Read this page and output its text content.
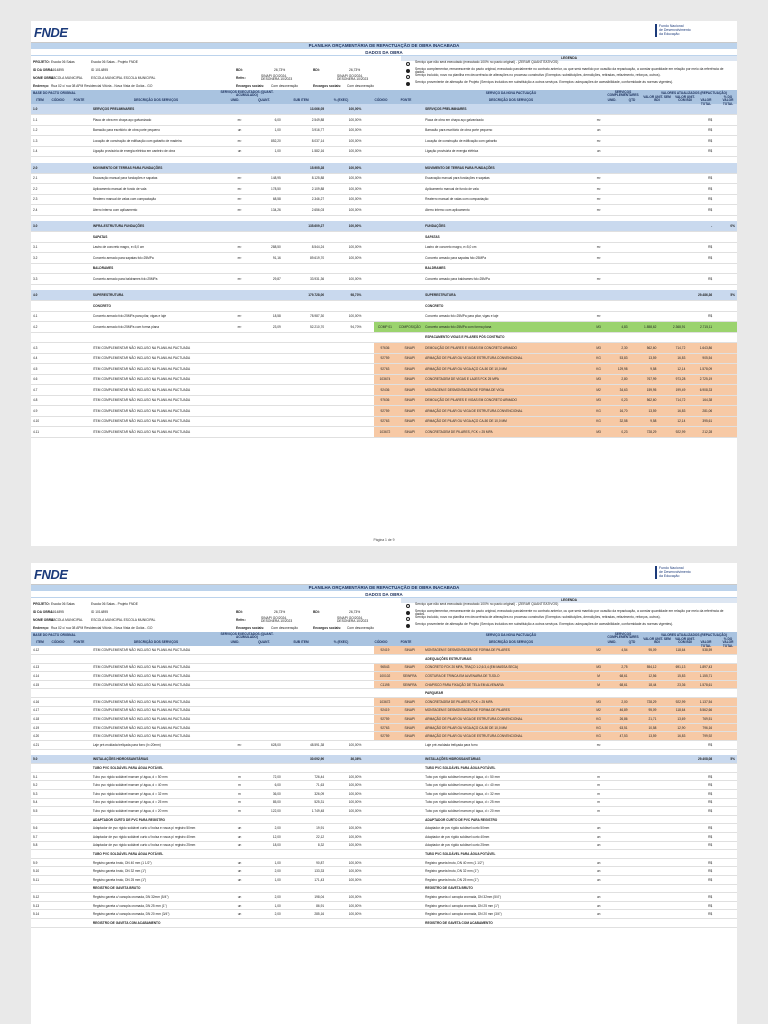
FNDE	Fundo Nacional
de Desenvolvimento
da Educação
PLANILHA ORÇAMENTÁRIA DE REPACTUAÇÃO DE OBRA INACABADA
DADOS DA OBRA
PROJETO: Escola 06 Salas	Escola 06 Salas - Projeto FNDE
ID DA OBRA:
1014895	ID 1014895
NOME OBRA:
ESCOLA MUNICIPAL ESCOLA MUNICIPAL ESCOLA MUNICIPAL
Endereço: Rua 02 c/ rua 08 APM Residencial Vitória - Nova Vista de Goiás - GO
BDI:	26,73%	BDI:	26,73%
Refer.:	SINAPI GO/2024, DESONERA 10/2023
SINAPI GO/2024, DESONERA 10/2023
Encargos sociais: Com desoneração	Encargos sociais: Com desoneração
LEGENDA
Serviço que não será executado (executado 100% no pacto original) - (ZERAR QUANTITATIVOS)
Serviço complementar, remanescente do pacto original, executado parcialmente no contrato anterior, ou que será mantido por ocasião da repactuação, a constar quantidade em relação por meio da referência de dados.
Serviço incluído, novo na planilha em decorrência de alterações no processo construtivo (Exemplos: substituições, demolições, retiradas, refazimento, reforços, outros).
Serviço proveniente de alteração de Projeto (Serviços incluídos em substituição a outros serviços. Exemplos: adequações de acessibilidade, conformidade às normas vigentes).
BASE DO PACTO ORIGINAL	SERVIÇOS EXECUTADOS (QUANT. ACUMULADO)
SERVIÇO DA NOVA PACTUAÇÃO	SERVIÇOS COMPLEMENTARES
VALORES ATUALIZADOS (REPACTUAÇÃO)
ITEM	CÓDIGO	FONTE	DESCRIÇÃO DOS SERVIÇOS	UNID.	QUANT.	SUB ITEM	% (EXEC)	CÓDIGO	FONTE	DESCRIÇÃO DOS SERVIÇOS	UNID.	QTD
VALOR UNIT. SEM BDI
VALOR UNIT. COM BDI	VALOR TOTAL
% DO VALOR TOTAL
1.0			SERVIÇOS PRELIMINARES			13.066,05	100,00%				SERVIÇOS PRELIMINARES						
1.1			Placa de obra em chapa aço galvanizado	m²	6,00	2.549,88	100,00%				Placa de obra em chapa aço galvanizado	m²				R$	
1.2			Barracão para escritório de obra porte pequeno	un	1,00	3.916,77	100,00%				Barracão para escritório de obra porte pequeno	un				R$	
1.3			Locação de construção de edificação com gabarito de madeira	m²	852,20	8.037,14	100,00%				Locação de construção de edificação com gabarito	m²				R$	
1.4			Ligação provisória de energia elétrica em canteiro de obra	un	1,00	1.582,16	100,00%				Ligação provisória de energia elétrica	un				R$	

2.0			MOVIMENTO DE TERRAS PARA FUNDAÇÕES			15.905,28	100,00%				MOVIMENTO DE TERRAS PARA FUNDAÇÕES						
2.1			Escavação manual para fundações e sapatas	m³	148,95	8.125,88	100,00%				Escavação manual para fundações e sapatas	m³				R$	
2.2			Apiloamento manual de fundo de vala	m²	178,50	2.109,88	100,00%				Apiloamento manual de fundo de vala	m²				R$	
2.3			Reaterro manual de valas com compactação	m³	68,58	2.346,27	100,00%				Reaterro manual de valas com compactação	m³				R$	
2.4			Aterro interno com apiloamento	m³	134,26	2.656,03	100,00%				Aterro interno com apiloamento	m³				R$	

3.0			INFRA-ESTRUTURA FUNDAÇÕES			135.609,27	100,00%				FUNDAÇÕES					-	0%
			SAPATAS								SAPATAS						
3.1			Lastro de concreto magro, e=5,0 cm	m²	288,50	8.544,24	100,00%				Lastro de concreto magro, e=5,0 cm	m²				R$	
3.2			Concreto armado para sapatas fck=25MPa	m³	91,16	89.619,70	100,00%				Concreto armado para sapatas fck=25MPa	m³				R$	
			BALDRAMES								BALDRAMES						
3.3			Concreto armado para baldrames fck=25MPa	m³	29,87	33.931,36	100,00%				Concreto armado para baldrames fck=25MPa	m³				R$	

4.0			SUPERESTRUTURA			179.728,00	98,73%				SUPERESTRUTURA					29.486,36	5%
			CONCRETO								CONCRETO						
4.1			Concreto armado fck=25MPa para pilar, vigas e laje	m³	18,58	78.987,30	100,00%				Concreto armado fck=25MPa para pilar, vigas e laje	m³				R$	
4.2			Concreto armado fck=25MPa com forma plana	m³	23,09	52.210,70	94,70%		COMP 01	COMPOSIÇÃO	Concreto armado fck=25MPa com forma plana	M3	4,83	1.858,62	2.368,91	2.715,11	
											ESPACAMENTO VIGAS E PILARES PÓS CONTRATO						
4.3			ITEM COMPLEMENTAR NÃO INCLUSO NA PLANILHA PACTUADA						97636	SINAPI	DEMOLIÇÃO DE PILARES E VIGAS EM CONCRETO ARMADO	M3	2,30	562,60	714,72	1.643,86	
4.4			ITEM COMPLEMENTAR NÃO INCLUSO NA PLANILHA PACTUADA						92759	SINAPI	ARMAÇÃO DE PILAR OU VIGA DE ESTRUTURA CONVENCIONAL	KG	53,83	13,59	16,83	905,54	
4.5			ITEM COMPLEMENTAR NÃO INCLUSO NA PLANILHA PACTUADA						92763	SINAPI	ARMAÇÃO DE PILAR OU VIGA AÇO CA-50 DE 10,0 MM	KG	129,98	9,58	12,14	1.578,09	
4.6			ITEM COMPLEMENTAR NÃO INCLUSO NA PLANILHA PACTUADA						103674	SINAPI	CONCRETAGEM DE VIGAS E LAJES FCK 25 MPA	M3	2,80	767,99	973,28	2.725,19	
4.7			ITEM COMPLEMENTAR NÃO INCLUSO NA PLANILHA PACTUADA						92436	SINAPI	MONTAGEM E DESMONTAGEM DE FORMA DE VIGA	M2	34,63	159,95	199,49	6.908,33	
4.8			ITEM COMPLEMENTAR NÃO INCLUSO NA PLANILHA PACTUADA						97636	SINAPI	DEMOLIÇÃO DE PILARES E VIGAS EM CONCRETO ARMADO	M3	0,23	562,60	714,72	164,38	
4.9			ITEM COMPLEMENTAR NÃO INCLUSO NA PLANILHA PACTUADA						92759	SINAPI	ARMAÇÃO DE PILAR OU VIGA DE ESTRUTURA CONVENCIONAL	KG	16,70	13,59	16,83	281,06	
4.10			ITEM COMPLEMENTAR NÃO INCLUSO NA PLANILHA PACTUADA						92763	SINAPI	ARMAÇÃO DE PILAR OU VIGA AÇO CA-50 DE 10,0 MM	KG	32,58	9,58	12,14	395,61	
4.11			ITEM COMPLEMENTAR NÃO INCLUSO NA PLANILHA PACTUADA						103672	SINAPI	CONCRETAGEM DE PILARES, FCK = 25 MPA	M3	0,23	728,29	922,99	212,28	
Página 1 de 9
FNDE	Fundo Nacional
de Desenvolvimento
da Educação
PLANILHA ORÇAMENTÁRIA DE REPACTUAÇÃO DE OBRA INACABADA
DADOS DA OBRA
PROJETO: Escola 06 Salas	Escola 06 Salas - Projeto FNDE
ID DA OBRA:
1014895	ID 1014895
NOME OBRA:
ESCOLA MUNICIPAL ESCOLA MUNICIPAL ESCOLA MUNICIPAL
Endereço: Rua 02 c/ rua 08 APM Residencial Vitória - Nova Vista de Goiás - GO
BDI:	26,73%	BDI:	26,73%
Refer.:	SINAPI GO/2024, DESONERA 10/2023
SINAPI GO/2024, DESONERA 10/2023
Encargos sociais: Com desoneração	Encargos sociais: Com desoneração
LEGENDA
Serviço que não será executado (executado 100% no pacto original) - (ZERAR QUANTITATIVOS)
Serviço complementar, remanescente do pacto original, executado parcialmente no contrato anterior, ou que será mantido por ocasião da repactuação, a constar quantidade em relação por meio da referência de dados.
Serviço incluído, novo na planilha em decorrência de alterações no processo construtivo (Exemplos: substituições, demolições, retiradas, refazimento, reforços, outros).
Serviço proveniente de alteração de Projeto (Serviços incluídos em substituição a outros serviços. Exemplos: adequações de acessibilidade, conformidade às normas vigentes).
BASE DO PACTO ORIGINAL	SERVIÇOS EXECUTADOS (QUANT. ACUMULADO)
SERVIÇO DA NOVA PACTUAÇÃO	SERVIÇOS COMPLEMENTARES
VALORES ATUALIZADOS (REPACTUAÇÃO)
ITEM	CÓDIGO	FONTE	DESCRIÇÃO DOS SERVIÇOS	UNID.	QUANT.	SUB ITEM	% (EXEC)	CÓDIGO	FONTE	DESCRIÇÃO DOS SERVIÇOS	UNID.	QTD
VALOR UNIT. SEM BDI
VALOR UNIT. COM BDI	VALOR TOTAL
% DO VALOR TOTAL
4.12			ITEM COMPLEMENTAR NÃO INCLUSO NA PLANILHA PACTUADA						92419	SINAPI	MONTAGEM E DESMONTAGEM DE FORMA DE PILARES	M2	4,54	95,09	118,64	538,59	
											ADEQUAÇÕES ESTRUTURAIS						
4.13			ITEM COMPLEMENTAR NÃO INCLUSO NA PLANILHA PACTUADA						96543	SINAPI	CONCRETO FCK 20 MPA, TRAÇO 1:2,6:3,4 (EM MASSA SECA)	M3	2,75	554,12	691,13	1.897,43	
4.14			ITEM COMPLEMENTAR NÃO INCLUSO NA PLANILHA PACTUADA						100102	SEINFRA	COSTURA DE TRINCA EM ALVENARIA DE TIJOLO	M	68,61	12,56	15,83	1.155,71	
4.15			ITEM COMPLEMENTAR NÃO INCLUSO NA PLANILHA PACTUADA						C1195	SEINFRA	CHAPISCO PARA FIXAÇÃO DE TELA EM ALVENARIA	M	68,61	18,44	23,36	1.578,61	
											PARQUEAR						
4.16			ITEM COMPLEMENTAR NÃO INCLUSO NA PLANILHA PACTUADA						103672	SINAPI	CONCRETAGEM DE PILARES, FCK = 25 MPA	M3	2,00	728,29	922,99	1.137,54	
4.17			ITEM COMPLEMENTAR NÃO INCLUSO NA PLANILHA PACTUADA						92419	SINAPI	MONTAGEM E DESMONTAGEM DE FORMA DE PILARES	M2	46,89	95,09	118,64	5.562,66	
4.18			ITEM COMPLEMENTAR NÃO INCLUSO NA PLANILHA PACTUADA						92759	SINAPI	ARMAÇÃO DE PILAR OU VIGA DE ESTRUTURA CONVENCIONAL	KG	26,86	21,71	13,69	769,51	
4.19			ITEM COMPLEMENTAR NÃO INCLUSO NA PLANILHA PACTUADA						92763	SINAPI	ARMAÇÃO DE PILAR OU VIGA AÇO CA-50 DE 10,0 MM	KG	63,51	10,58	12,90	796,16	
4.20			ITEM COMPLEMENTAR NÃO INCLUSO NA PLANILHA PACTUADA						92759	SINAPI	ARMAÇÃO DE PILAR OU VIGA DE ESTRUTURA CONVENCIONAL	KG	47,53	13,59	16,83	799,92	
4.21			Laje pré-moldada treliçada para forro (h=20mm)	m²	628,00	48.591,38	100,00%				Laje pré-moldada treliçada para forro	m²				R$	

5.0			INSTALAÇÕES HIDROSSANITÁRIAS			30.092,90	36,36%				INSTALAÇÕES HIDROSSANITÁRIAS					29.408,08	5%
			TUBO PVC SOLDÁVEL PARA ÁGUA POTÁVEL								TUBO PVC SOLDÁVEL PARA ÁGUA POTÁVEL						
5.1			Tubo pvc rígido soldável marrom p/ água, d = 50 mm	m	72,00	726,44	100,00%				Tubo pvc rígido soldável marrom p/ água, d = 50 mm	m				R$	
5.2			Tubo pvc rígido soldável marrom p/ água, d = 40 mm	m	6,00	71,63	100,00%				Tubo pvc rígido soldável marrom p/ água, d = 40 mm	m				R$	
5.3			Tubo pvc rígido soldável marrom p/ água, d = 32 mm	m	36,00	326,09	100,00%				Tubo pvc rígido soldável marrom p/ água, d = 32 mm	m				R$	
5.4			Tubo pvc rígido soldável marrom p/ água, d = 25 mm	m	85,00	525,31	100,00%				Tubo pvc rígido soldável marrom p/ água, d = 25 mm	m				R$	
5.5			Tubo pvc rígido soldável marrom p/ água, d = 20 mm	m	122,00	1.749,48	100,00%				Tubo pvc rígido soldável marrom p/ água, d = 20 mm	m				R$	
			ADAPTADOR CURTO DE PVC PARA REGISTRO								ADAPTADOR CURTO DE PVC PARA REGISTRO						
5.6			Adaptador de pvc rígido soldável curto c/ bolsa e rosca p/ registro 50mm	un	2,00	19,91	100,00%				Adaptador de pvc rígido soldável curto 50mm	un				R$	
5.7			Adaptador de pvc rígido soldável curto c/ bolsa e rosca p/ registro 40mm	un	12,00	22,12	100,00%				Adaptador de pvc rígido soldável curto 40mm	un				R$	
5.8			Adaptador de pvc rígido soldável curto c/ bolsa e rosca p/ registro 25mm	un	18,00	8,32	100,00%				Adaptador de pvc rígido soldável curto 25mm	un				R$	
			TUBO PVC SOLDÁVEL PARA ÁGUA POTÁVEL								TUBO PVC SOLDÁVEL PARA ÁGUA POTÁVEL						
5.9			Registro gaveta bruto, DN 40 mm (1 1/2")	un	1,00	90,87	100,00%				Registro gaveta bruto, DN 40 mm (1 1/2")	un				R$	
5.10			Registro gaveta bruto, DN 32 mm (1")	un	2,00	133,33	100,00%				Registro gaveta bruto, DN 32 mm (1")	un				R$	
5.11			Registro gaveta bruto, DN 25 mm (1")	un	1,00	171,43	100,00%				Registro gaveta bruto, DN 25 mm (1")	un				R$	
			REGISTRO DE GAVETA BRUTO								REGISTRO DE GAVETA BRUTO						
5.12			Registro gaveta c/ canopla cromada, DN 32mm (5/4")	un	2,00	198,04	100,00%				Registro gaveta c/ canopla cromada, DN 32mm (5/4")	un				R$	
5.13			Registro gaveta c/ canopla cromada, DN 25 mm (1")	un	1,00	86,91	100,00%				Registro gaveta c/ canopla cromada, DN 25 mm (1")	un				R$	
5.14			Registro gaveta c/ canopla cromada, DN 20 mm (3/4")	un	2,00	285,16	100,00%				Registro gaveta c/ canopla cromada, DN 20 mm (3/4")	un				R$	
			REGISTRO DE GAVETA COM ACABAMENTO								REGISTRO DE GAVETA COM ACABAMENTO						
